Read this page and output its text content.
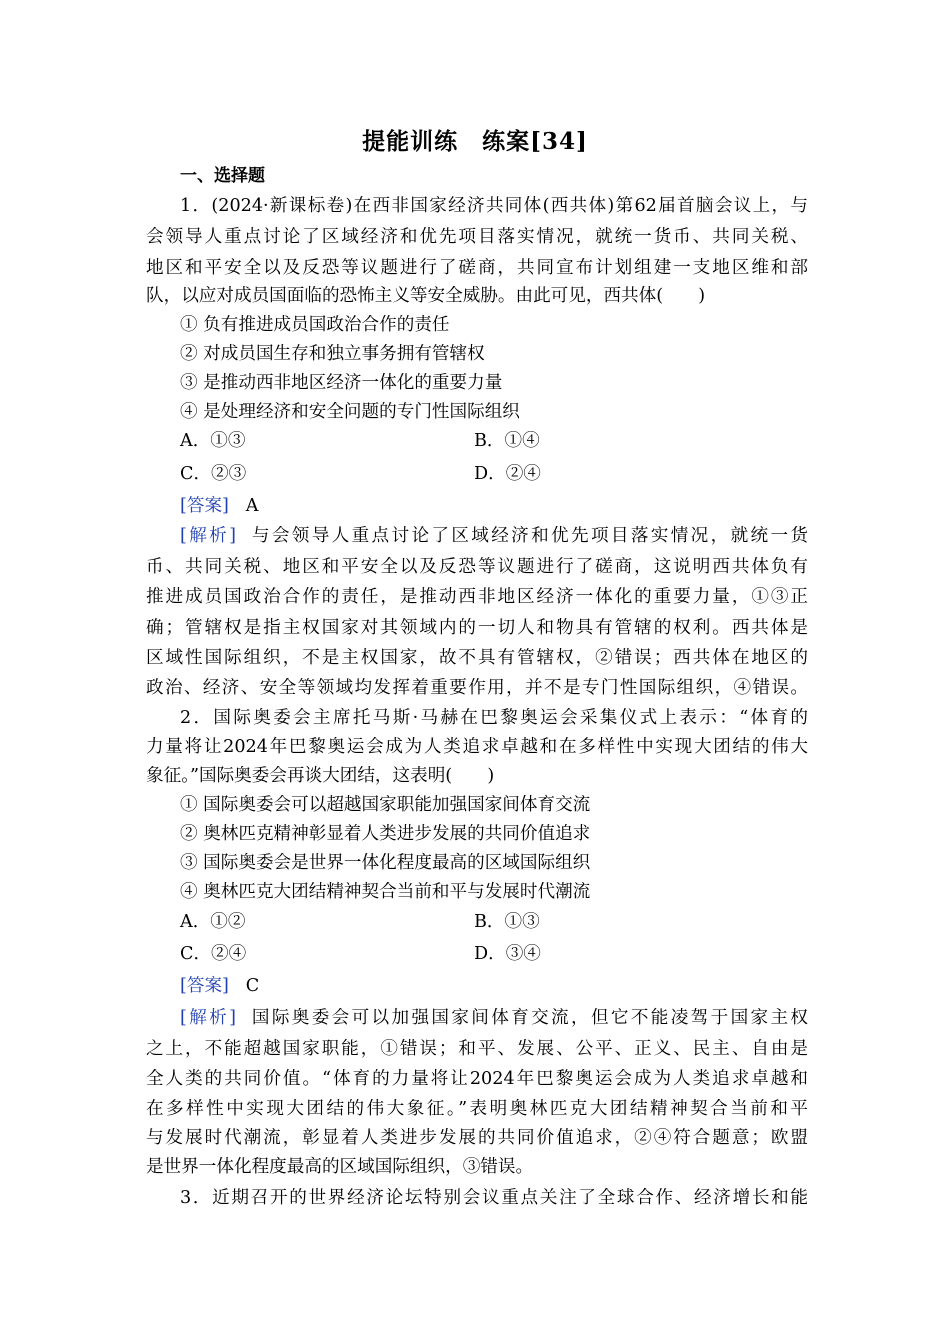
提能训练　练案[34]
一、选择题
1．(2024·新课标卷)在西非国家经济共同体(西共体)第62届首脑会议上，与
会领导人重点讨论了区域经济和优先项目落实情况，就统一货币、共同关税、
地区和平安全以及反恐等议题进行了磋商，共同宣布计划组建一支地区维和部
队，以应对成员国面临的恐怖主义等安全威胁。由此可见，西共体(　　)
① 负有推进成员国政治合作的责任
② 对成员国生存和独立事务拥有管辖权
③ 是推动西非地区经济一体化的重要力量
④ 是处理经济和安全问题的专门性国际组织
A．①③	B．①④
C．②③	D．②④
[答案] A
[解析] 与会领导人重点讨论了区域经济和优先项目落实情况，就统一货
币、共同关税、地区和平安全以及反恐等议题进行了磋商，这说明西共体负有
推进成员国政治合作的责任，是推动西非地区经济一体化的重要力量，①③正
确；管辖权是指主权国家对其领域内的一切人和物具有管辖的权利。西共体是
区域性国际组织，不是主权国家，故不具有管辖权，②错误；西共体在地区的
政治、经济、安全等领域均发挥着重要作用，并不是专门性国际组织，④错误。
2．国际奥委会主席托马斯·马赫在巴黎奥运会采集仪式上表示：“体育的
力量将让2024年巴黎奥运会成为人类追求卓越和在多样性中实现大团结的伟大
象征。”国际奥委会再谈大团结，这表明(　　)
① 国际奥委会可以超越国家职能加强国家间体育交流
② 奥林匹克精神彰显着人类进步发展的共同价值追求
③ 国际奥委会是世界一体化程度最高的区域国际组织
④ 奥林匹克大团结精神契合当前和平与发展时代潮流
A．①②	B．①③
C．②④	D．③④
[答案] C
[解析] 国际奥委会可以加强国家间体育交流，但它不能凌驾于国家主权
之上，不能超越国家职能，①错误；和平、发展、公平、正义、民主、自由是
全人类的共同价值。“体育的力量将让2024年巴黎奥运会成为人类追求卓越和
在多样性中实现大团结的伟大象征。”表明奥林匹克大团结精神契合当前和平
与发展时代潮流，彰显着人类进步发展的共同价值追求，②④符合题意；欧盟
是世界一体化程度最高的区域国际组织，③错误。
3．近期召开的世界经济论坛特别会议重点关注了全球合作、经济增长和能
